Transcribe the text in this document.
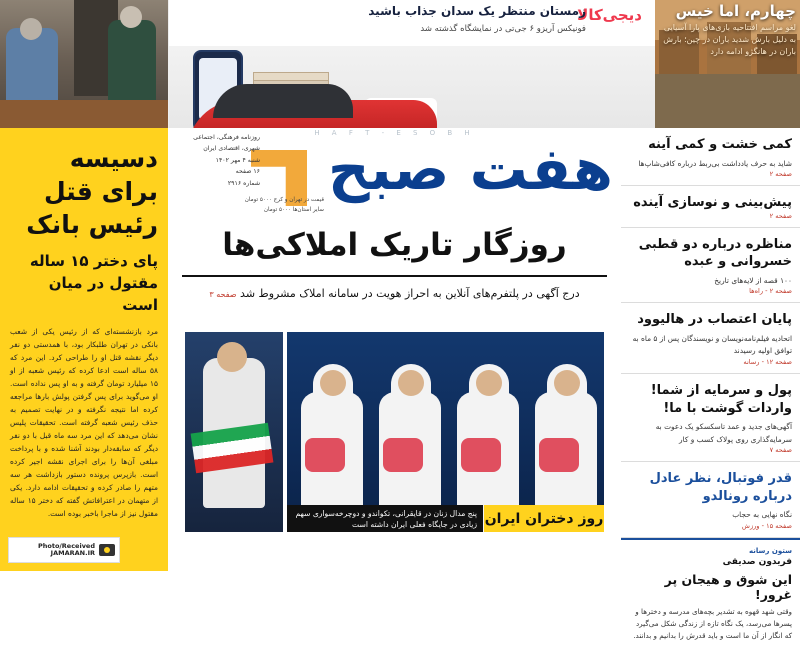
دیجی‌کالا
زمستان منتظر یک سدان جذاب باشید
فونیکس آریزو ۶ جی‌تی در نمایشگاه گذشته شد
چهارم، اما خیس
لغو مراسم افتتاحیه بازی‌های پارا آسیایی به دلیل بارش شدید باران در چین؛ بارش باران در هانگژو ادامه دارد
دسیسه برای قتل رئیس بانک
پای دختر ۱۵ ساله مقتول در میان است
مرد بازنشسته‌ای که از رئیس یکی از شعب بانکی در تهران طلبکار بود، با همدستی دو نفر دیگر نقشه قتل او را طراحی کرد. این مرد که ۵۸ ساله است ادعا کرده که رئیس شعبه از او ۱۵ میلیارد تومان گرفته و به او پس نداده است. او می‌گوید برای پس گرفتن پولش بارها مراجعه کرده اما نتیجه نگرفته و در نهایت تصمیم به حذف رئیس شعبه گرفته است. تحقیقات پلیس نشان می‌دهد که این مرد سه ماه قبل با دو نفر دیگر که سابقه‌دار بودند آشنا شده و با پرداخت مبلغی آن‌ها را برای اجرای نقشه اجیر کرده است. بازپرس پرونده دستور بازداشت هر سه متهم را صادر کرده و تحقیقات ادامه دارد. یکی از متهمان در اعترافاتش گفته که دختر ۱۵ ساله مقتول نیز از ماجرا باخبر بوده است.
Photo/Received
JAMARAN.IR
H A F T - E S O B H
هفت صبح
روزنامه فرهنگی، اجتماعی
شهری، اقتصادی ایران
شنبه ۴ مهر ۱۴۰۲
۱۶ صفحه
شماره ۲۹۱۶
قیمت در تهران و کرج ۵۰۰۰ تومان
سایر استان‌ها ۵۰۰۰ تومان
روزگار تاریک املاکی‌ها
درج آگهی در پلتفرم‌های آنلاین به احراز هویت در سامانه املاک مشروط شد صفحه ۳
روز دختران ایران
پنج مدال زنان در قایقرانی، تکواندو و دوچرخه‌سواری سهم زیادی در جایگاه فعلی ایران داشته است
کمی خشت و کمی آینه
شاید به حرف یادداشت بی‌ربط درباره کافی‌شاپ‌ها
صفحه ۲
پیش‌بینی و نوسازی آینده
صفحه ۲
مناظره درباره دو قطبی خسروانی و عبده
۱۰۰ قصه از لایه‌های تاریخ
صفحه ۲ - راه‌ها
پایان اعتصاب در هالیوود
اتحادیه فیلم‌نامه‌نویسان و نویسندگان پس از ۵ ماه به توافق اولیه رسیدند
صفحه ۱۲ - رسانه
پول و سرمایه از شما! واردات گوشت با ما!
آگهی‌های جدید و عمد تاسکسکو یک دعوت به سرمایه‌گذاری روی پولاک کسب و کار
صفحه ۷
قدر فوتبال، نظر عادل درباره رونالدو
نگاه نهایی به حجاب
صفحه ۱۵ - ورزش
ستون رسانه
فریدون صدیقی
این شوق و هیجان پر غرور!
وقتی شهد قهوه به تشدیر بچه‌های مدرسه و دخترها و پسرها می‌رسد، یک نگاه تازه از زندگی شکل می‌گیرد که انگار از آن ما است و باید قدرش را بدانیم و بدانند.
